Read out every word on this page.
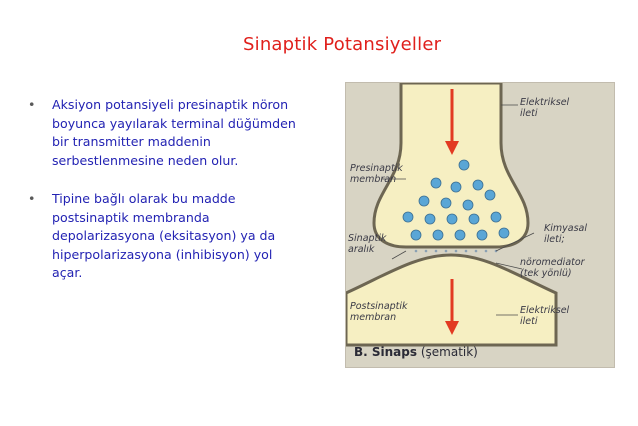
Sinaptik Potansiyeller
• Aksiyon potansiyeli presinaptik nöron
boyunca yayılarak terminal düğümden
bir transmitter maddenin
serbestlenmesine neden olur.
• Tipine bağlı olarak bu madde
postsinaptik membranda
depolarizasyona (eksitasyon) ya da
hiperpolarizasyona (inhibisyon) yol
açar.
Elektriksel
ileti
Presinaptik
membran
Kimyasal
ileti;
Sinaptik
aralık
nöromediator
(tek yönlü)
Postsinaptik
membran
Elektriksel
ileti
B. Sinaps (şematik)
